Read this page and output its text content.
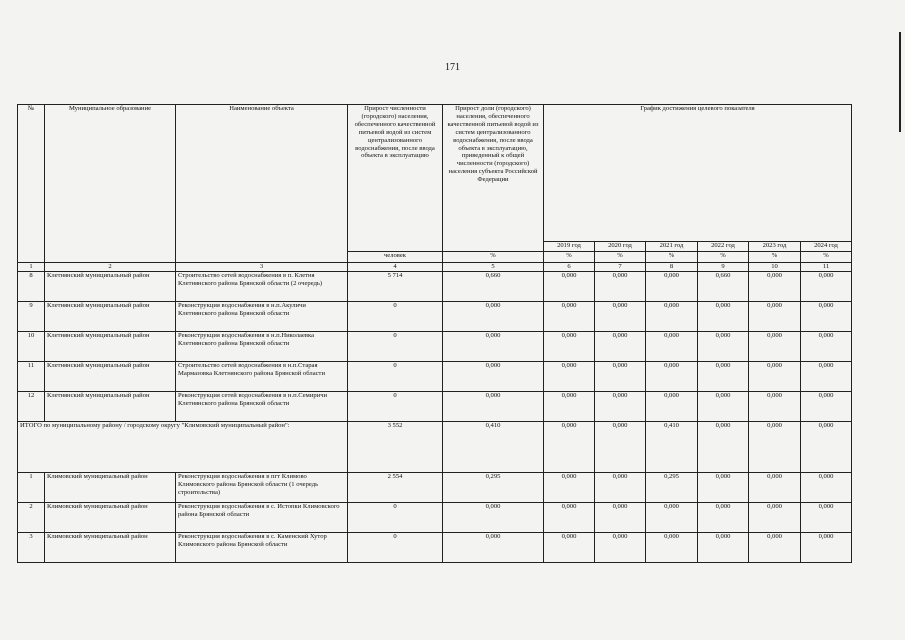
171
№	Муниципальное образование	Наименование объекта	Прирост численности (городского) населения, обеспеченного качественной питьевой водой из систем централизованного водоснабжения, после ввода объекта в эксплуатацию	Прирост доли (городского) населения, обеспеченного качественной питьевой водой из систем централизованного водоснабжения, после ввода объекта в эксплуатацию, приведенный к общей численности (городского) населения субъекта Российской Федерации	График достижения целевого показателя					
					2019 год	2020 год	2021 год	2022 год	2023 год	2024 год
			человек	%	%	%	%	%	%	%
1	2	3	4	5	6	7	8	9	10	11
8	Клетнянский муниципальный район	Строительство сетей водоснабжения в п. Клетня Клетнянского района Брянской области (2 очередь)	5 714	0,660	0,000	0,000	0,000	0,660	0,000	0,000
9	Клетнянский муниципальный район	Реконструкция водоснабжения в н.п.Акуличи Клетнянского района Брянской области	0	0,000	0,000	0,000	0,000	0,000	0,000	0,000
10	Клетнянский муниципальный район	Реконструкция водоснабжения в н.п.Николаевка Клетнянского района Брянской области	0	0,000	0,000	0,000	0,000	0,000	0,000	0,000
11	Клетнянский муниципальный район	Строительство сетей водоснабжения в н.п.Старая Мармазовка Клетнянского района Брянской области	0	0,000	0,000	0,000	0,000	0,000	0,000	0,000
12	Клетнянский муниципальный район	Реконструкция сетей водоснабжения в н.п.Семиричи Клетнянского района Брянской области	0	0,000	0,000	0,000	0,000	0,000	0,000	0,000
ИТОГО по муниципальному району / городскому округу "Климовский муниципальный район":			3 552	0,410	0,000	0,000	0,410	0,000	0,000	0,000
1	Климовский муниципальный район	Реконструкция водоснабжения в пгт Климово Климовского района Брянской области (1 очередь строительства)	2 554	0,295	0,000	0,000	0,295	0,000	0,000	0,000
2	Климовский муниципальный район	Реконструкция водоснабжения в с. Истопки Климовского района Брянской области	0	0,000	0,000	0,000	0,000	0,000	0,000	0,000
3	Климовский муниципальный район	Реконструкция водоснабжения в с. Каменский Хутор Климовского района Брянской области	0	0,000	0,000	0,000	0,000	0,000	0,000	0,000
